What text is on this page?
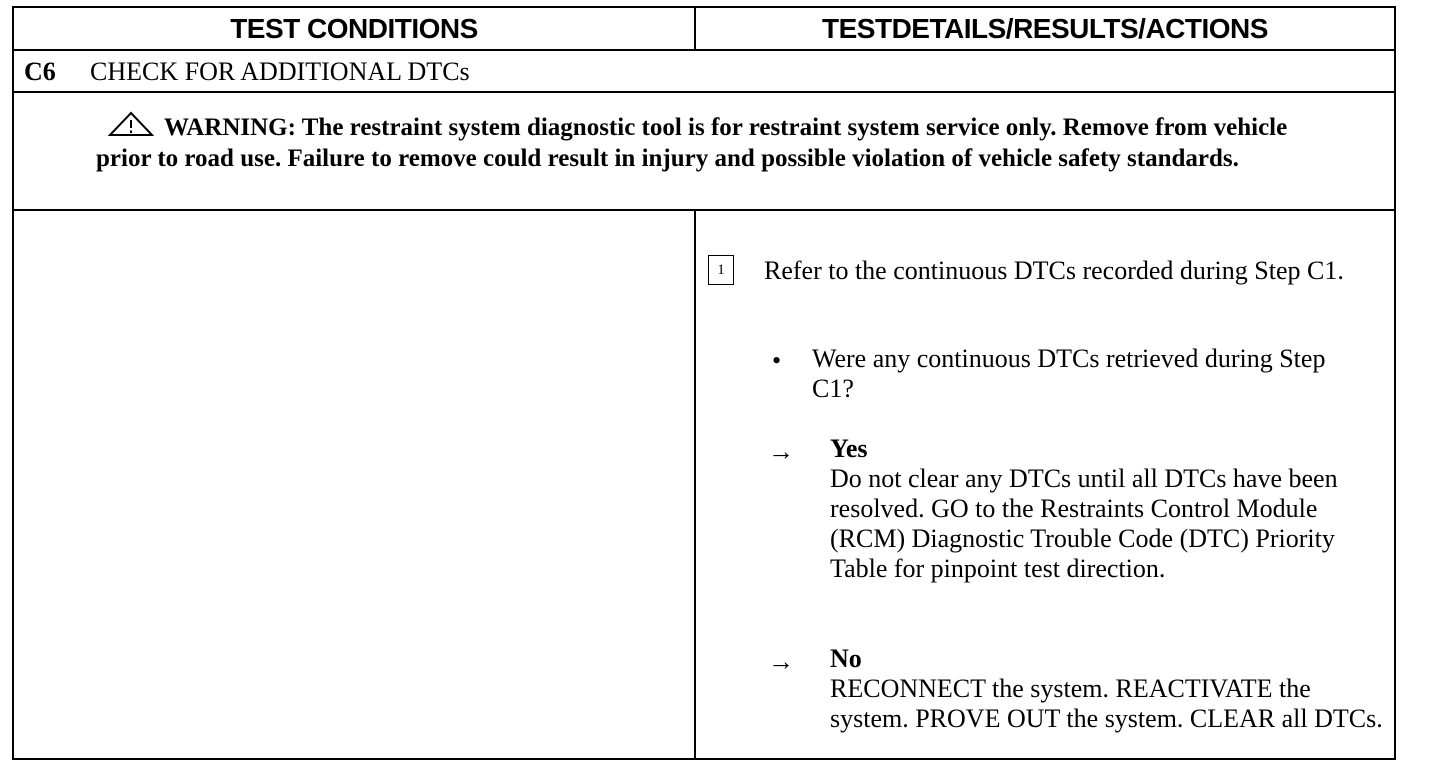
TEST CONDITIONS	TESTDETAILS/RESULTS/ACTIONS
C6 CHECK FOR ADDITIONAL DTCs
WARNING: The restraint system diagnostic tool is for restraint system service only. Remove from vehicle prior to road use. Failure to remove could result in injury and possible violation of vehicle safety standards.
1	Refer to the continuous DTCs recorded during Step C1.
• Were any continuous DTCs retrieved during Step C1?
→ Yes
Do not clear any DTCs until all DTCs have been resolved. GO to the Restraints Control Module (RCM) Diagnostic Trouble Code (DTC) Priority Table for pinpoint test direction.
→ No
RECONNECT the system. REACTIVATE the system. PROVE OUT the system. CLEAR all DTCs.
